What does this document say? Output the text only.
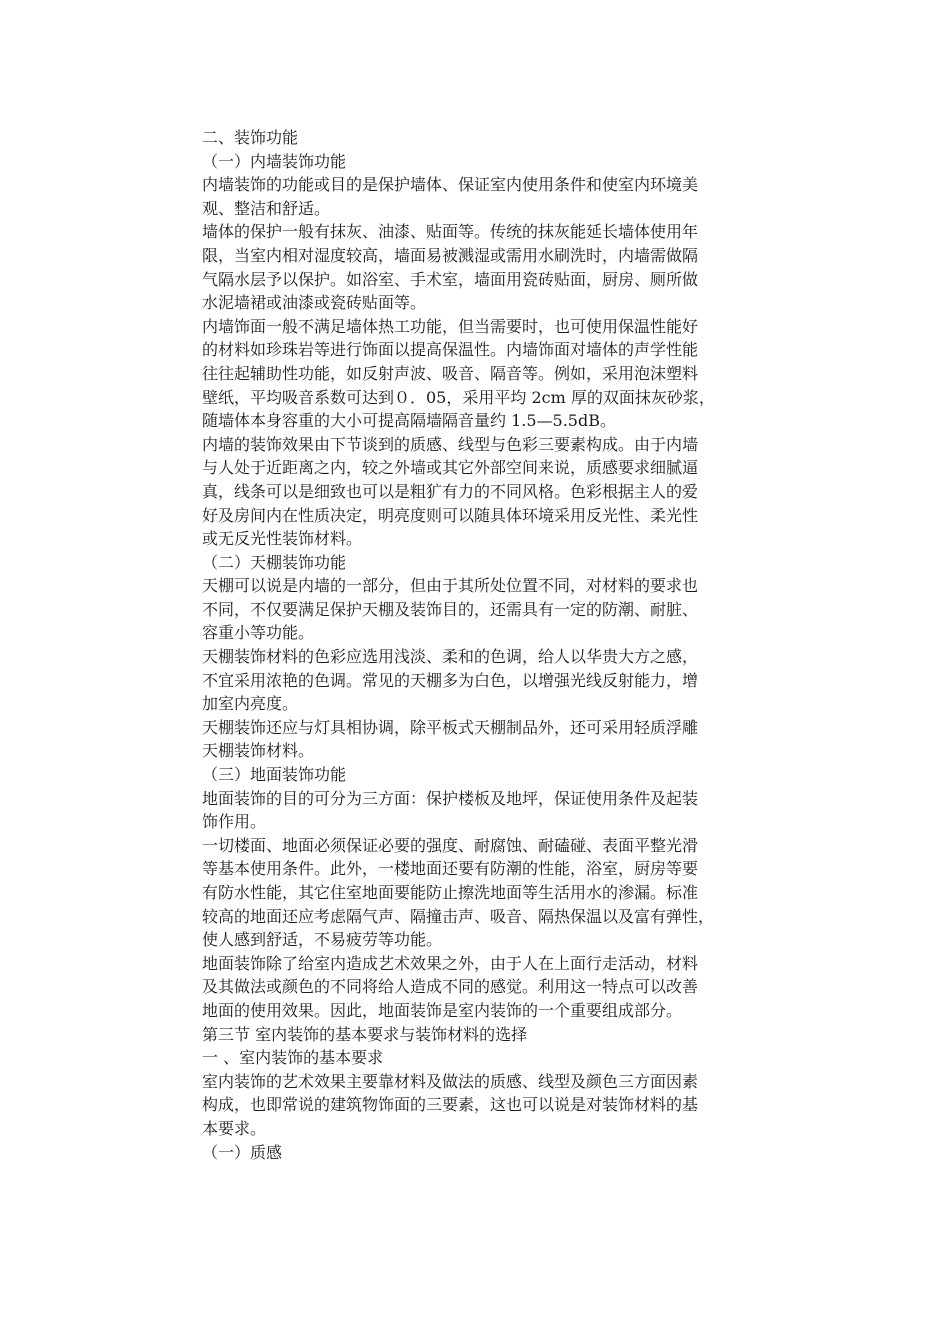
二、装饰功能
（一）内墙装饰功能
内墙装饰的功能或目的是保护墙体、保证室内使用条件和使室内环境美
观、整洁和舒适。
墙体的保护一般有抹灰、油漆、贴面等。传统的抹灰能延长墙体使用年
限，当室内相对湿度较高，墙面易被溅湿或需用水刷洗时，内墙需做隔
气隔水层予以保护。如浴室、手术室，墙面用瓷砖贴面，厨房、厕所做
水泥墙裙或油漆或瓷砖贴面等。
内墙饰面一般不满足墙体热工功能，但当需要时，也可使用保温性能好
的材料如珍珠岩等进行饰面以提高保温性。内墙饰面对墙体的声学性能
往往起辅助性功能，如反射声波、吸音、隔音等。例如，采用泡沫塑料
壁纸，平均吸音系数可达到０．05，采用平均 2cm 厚的双面抹灰砂浆，
随墙体本身容重的大小可提高隔墙隔音量约 1.5—5.5dB。
内墙的装饰效果由下节谈到的质感、线型与色彩三要素构成。由于内墙
与人处于近距离之内，较之外墙或其它外部空间来说，质感要求细腻逼
真，线条可以是细致也可以是粗犷有力的不同风格。色彩根据主人的爱
好及房间内在性质决定，明亮度则可以随具体环境采用反光性、柔光性
或无反光性装饰材料。
（二）天棚装饰功能
天棚可以说是内墙的一部分，但由于其所处位置不同，对材料的要求也
不同，不仅要满足保护天棚及装饰目的，还需具有一定的防潮、耐脏、
容重小等功能。
天棚装饰材料的色彩应选用浅淡、柔和的色调，给人以华贵大方之感，
不宜采用浓艳的色调。常见的天棚多为白色，以增强光线反射能力，增
加室内亮度。
天棚装饰还应与灯具相协调，除平板式天棚制品外，还可采用轻质浮雕
天棚装饰材料。
（三）地面装饰功能
地面装饰的目的可分为三方面：保护楼板及地坪，保证使用条件及起装
饰作用。
一切楼面、地面必须保证必要的强度、耐腐蚀、耐磕碰、表面平整光滑
等基本使用条件。此外，一楼地面还要有防潮的性能，浴室，厨房等要
有防水性能，其它住室地面要能防止擦洗地面等生活用水的渗漏。标准
较高的地面还应考虑隔气声、隔撞击声、吸音、隔热保温以及富有弹性，
使人感到舒适，不易疲劳等功能。
地面装饰除了给室内造成艺术效果之外，由于人在上面行走活动，材料
及其做法或颜色的不同将给人造成不同的感觉。利用这一特点可以改善
地面的使用效果。因此，地面装饰是室内装饰的一个重要组成部分。
第三节 室内装饰的基本要求与装饰材料的选择
一 、室内装饰的基本要求
室内装饰的艺术效果主要靠材料及做法的质感、线型及颜色三方面因素
构成，也即常说的建筑物饰面的三要素，这也可以说是对装饰材料的基
本要求。
（一）质感
